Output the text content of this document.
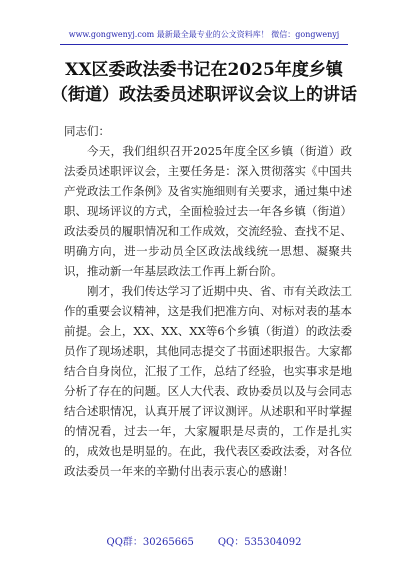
www.gongwenyj.com 最新最全最专业的公文资料库！ 微信：gongwenyj
XX区委政法委书记在2025年度乡镇（街道）政法委员述职评议会议上的讲话

同志们：

今天，我们组织召开2025年度全区乡镇（街道）政法委员述职评议会，主要任务是：深入贯彻落实《中国共产党政法工作条例》及省实施细则有关要求，通过集中述职、现场评议的方式，全面检验过去一年各乡镇（街道）政法委员的履职情况和工作成效，交流经验、查找不足、明确方向，进一步动员全区政法战线统一思想、凝聚共识，推动新一年基层政法工作再上新台阶。

刚才，我们传达学习了近期中央、省、市有关政法工作的重要会议精神，这是我们把准方向、对标对表的基本前提。会上，XX、XX、XX等6个乡镇（街道）的政法委员作了现场述职，其他同志提交了书面述职报告。大家都结合自身岗位，汇报了工作，总结了经验，也实事求是地分析了存在的问题。区人大代表、政协委员以及与会同志结合述职情况，认真开展了评议测评。从述职和平时掌握的情况看，过去一年，大家履职是尽责的，工作是扎实的，成效也是明显的。在此，我代表区委政法委，对各位政法委员一年来的辛勤付出表示衷心的感谢！

QQ群：30265665 QQ：535304092
